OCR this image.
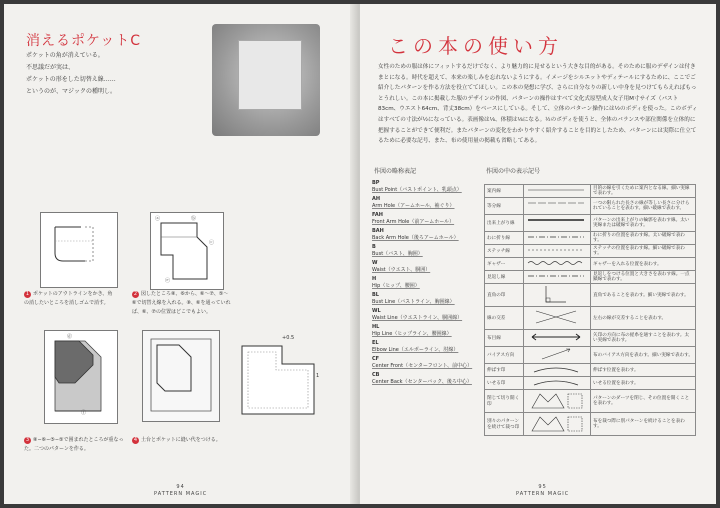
消えるポケットC
ポケットの角が消えている。
不思議だが実は、
ポケットの形をした切替え線……
というのが、マジックの種明し。
1 ポケットのアウトラインをかき、角の消したいところを消しゴムで消す。
ⓐ	ⓑ
ⓒ
ⓔ
2 図したところ⑧、⑥から、⑥〜⑦、⑤〜⑥で切替え線を入れる。⑧、⑥を通っていれば、⑥、⑦の位置はどこでもよい。
ⓓ
ⓕ
3 ⑧−⑥−⑤−⑤で囲まれたところが重なった。二つのパターンを作る。
+0.5
1
4 土台とポケットに縫い代をつける。
94
PATTERN MAGIC
この本の使い方
女性のための服は体にフィットするだけでなく、より魅力的に見せるという大きな目的がある。そのために服のデザインは付きまとになる。時代を超えて、本来の楽しみを忘れないようにする。イメージをシルエットやディテールにするために、ここでご紹介したパターンを作る方法を役立ててほしい。この本の発想に学び、さらに自分なりの新しい中身を見つけてもらえればもっとうれしい。この本に掲載した服のデザインの作図、パターンの操作はすべて文化式原型成人女子用M寸サイズ（バスト83cm、ウエスト64cm、背丈38cm）をベースにしている。そして、立体のパターン操作には½のボディを使った。このボディはすべての寸法が½になっている。表画像は⅛、体積は⅛になる。½のボディを使うと、全体のバランスや部位関係を立体的に把握することができて便利だ。またパターンの変化をわかりやすく紹介することを目的としたため、パターンには実際に仕立てるために必要な記号、また、布の使用量の掲載も省略してある。
作図の略称表記
BP
Bust Point（バストポイント、乳頭点）
AH
Arm Hole（アームホール、袖ぐり）
FAH
Front Arm Hole（前アームホール）
BAH
Back Arm Hole（後ろアームホール）
B
Bust（バスト、胸囲）
W
Waist（ウエスト、胴囲）
H
Hip（ヒップ、腰囲）
BL
Bust Line（バストライン、胸囲線）
WL
Waist Line（ウエストライン、胴囲線）
HL
Hip Line（ヒップライン、腰囲線）
EL
Elbow Line（エルボーライン、肘線）
CF
Center Front（センターフロント、前中心）
CB
Center Back（センターバック、後ろ中心）
作図の中の表示記号
案内線		目的の線を引くために案内となる線。細い実線で表わす。
等分線		一つの限られた長さの線が等しい長さに分けられていることを表わす。細い破線で表わす。
出来上がり線		パターンの出来上がりの輪郭を表わす線。太い実線または破線で表わす。
わに折り線		わに折りの位置を表わす線。太い破線で表わす。
ステッチ線		ステッチの位置を表わす線。細い破線で表わす。
ギャザー		ギャザーを入れる位置を表わす。
見返し線		見返しをつける位置と大きさを表わす線。一点鎖線で表わす。
直角の印		直角であることを表わす。細い実線で表わす。
線の交差		左右の線が交差することを表わす。
布目線		矢印の方向に布の経糸を通すことを表わす。太い実線で表わす。
バイアス方向		布のバイアス方向を表わす。細い実線で表わす。
伸ばす印		伸ばす位置を表わす。
いせる印		いせる位置を表わす。
閉じて切り開く印		パターンのダーツを閉じ、その位置を開くことを表わす。
別々のパターンを続けて裁つ印		布を裁つ際に別パターンを続けることを表わす。
95
PATTERN MAGIC
